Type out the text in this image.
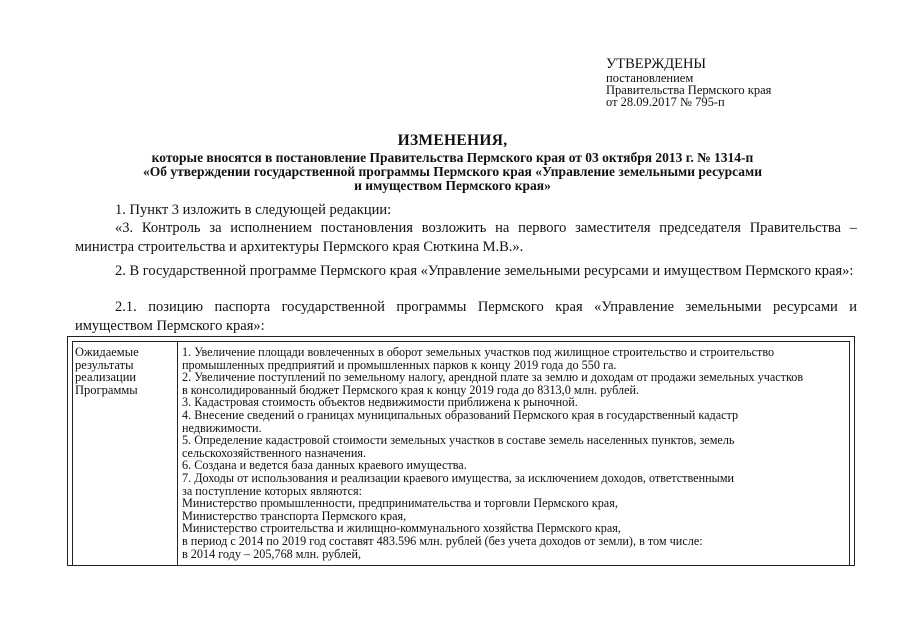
УТВЕРЖДЕНЫ
постановлением
Правительства Пермского края
от 28.09.2017 № 795-п
ИЗМЕНЕНИЯ,
которые вносятся в постановление Правительства Пермского края от 03 октября 2013 г. № 1314-п
«Об утверждении государственной программы Пермского края «Управление земельными ресурсами
и имуществом Пермского края»
1. Пункт 3 изложить в следующей редакции:
«3. Контроль за исполнением постановления возложить на первого заместителя председателя Правительства – министра строительства и архитектуры Пермского края Сюткина М.В.».
2. В государственной программе Пермского края «Управление земельными ресурсами и имуществом Пермского края»:
2.1. позицию паспорта государственной программы Пермского края «Управление земельными ресурсами и имуществом Пермского края»:
Ожидаемые
результаты
реализации
Программы
1. Увеличение площади вовлеченных в оборот земельных участков под жилищное строительство и строительство
промышленных предприятий и промышленных парков к концу 2019 года до 550 га.
2. Увеличение поступлений по земельному налогу, арендной плате за землю и доходам от продажи земельных участков
в консолидированный бюджет Пермского края к концу 2019 года до 8313,0 млн. рублей.
3. Кадастровая стоимость объектов недвижимости приближена к рыночной.
4. Внесение сведений о границах муниципальных образований Пермского края в государственный кадастр
недвижимости.
5. Определение кадастровой стоимости земельных участков в составе земель населенных пунктов, земель
сельскохозяйственного назначения.
6. Создана и ведется база данных краевого имущества.
7. Доходы от использования и реализации краевого имущества, за исключением доходов, ответственными
за поступление которых являются:
Министерство промышленности, предпринимательства и торговли Пермского края,
Министерство транспорта Пермского края,
Министерство строительства и жилищно-коммунального хозяйства Пермского края,
в период с 2014 по 2019 год составят 483.596 млн. рублей (без учета доходов от земли), в том числе:
в 2014 году – 205,768 млн. рублей,
